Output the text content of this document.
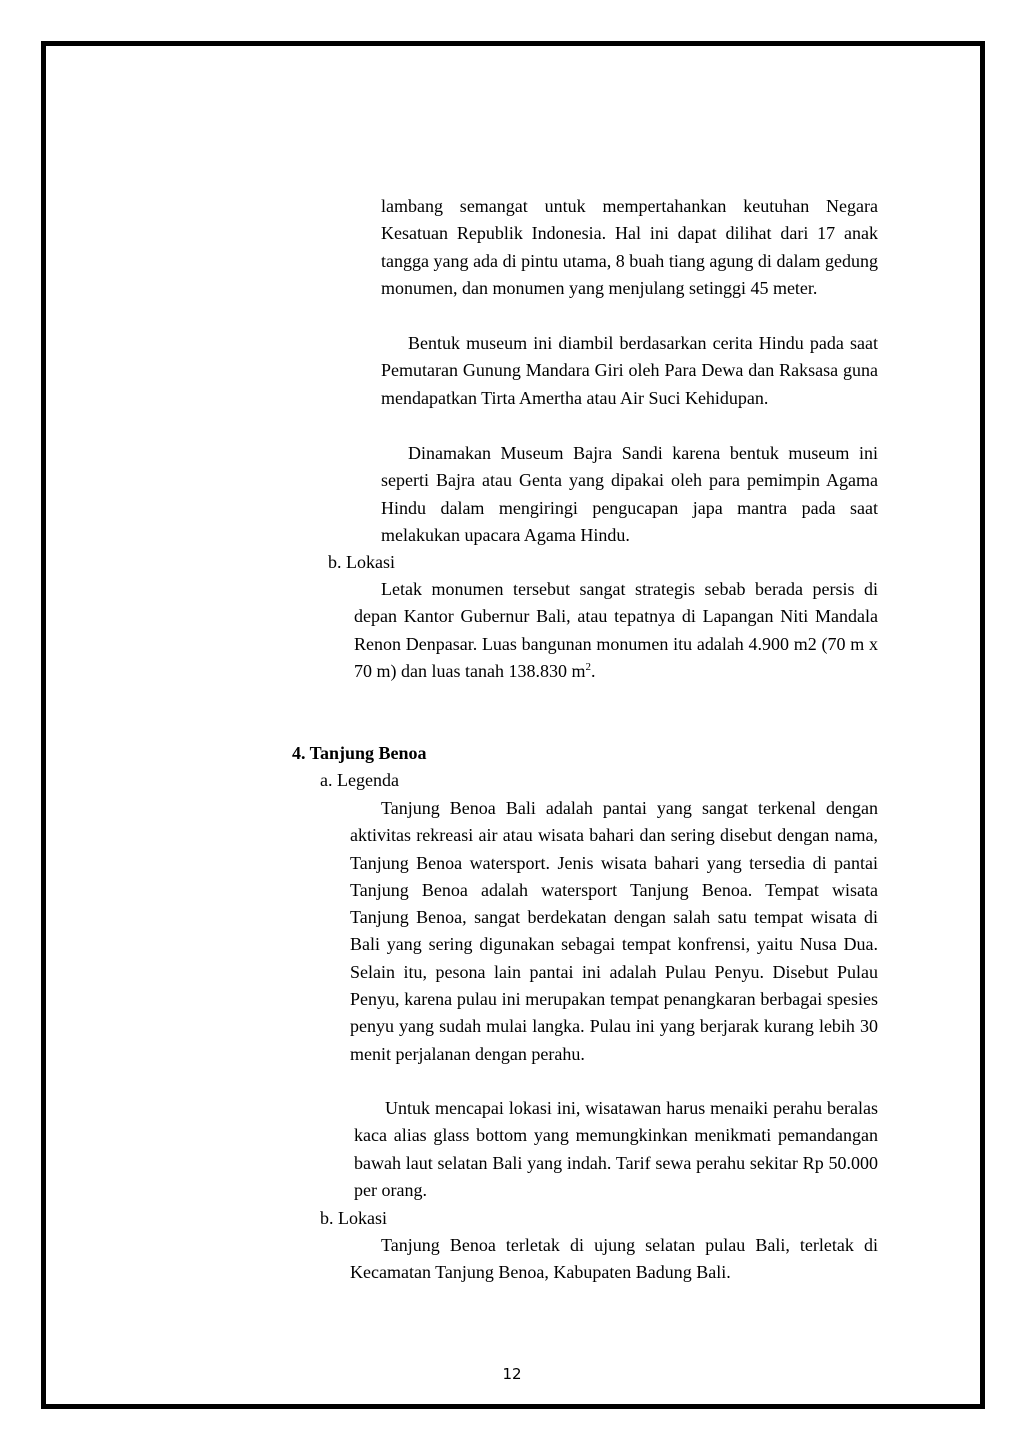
lambang semangat untuk mempertahankan keutuhan Negara Kesatuan Republik Indonesia. Hal ini dapat dilihat dari 17 anak tangga yang ada di pintu utama, 8 buah tiang agung di dalam gedung monumen, dan monumen yang menjulang setinggi 45 meter.

Bentuk museum ini diambil berdasarkan cerita Hindu pada saat Pemutaran Gunung Mandara Giri oleh Para Dewa dan Raksasa guna mendapatkan Tirta Amertha atau Air Suci Kehidupan.

Dinamakan Museum Bajra Sandi karena bentuk museum ini seperti Bajra atau Genta yang dipakai oleh para pemimpin Agama Hindu dalam mengiringi pengucapan japa mantra pada saat melakukan upacara Agama Hindu.

b. Lokasi

Letak monumen tersebut sangat strategis sebab berada persis di depan Kantor Gubernur Bali, atau tepatnya di Lapangan Niti Mandala Renon Denpasar. Luas bangunan monumen itu adalah 4.900 m2 (70 m x 70 m) dan luas tanah 138.830 $m^2$.

4. Tanjung Benoa

a. Legenda

Tanjung Benoa Bali adalah pantai yang sangat terkenal dengan aktivitas rekreasi air atau wisata bahari dan sering disebut dengan nama, Tanjung Benoa watersport. Jenis wisata bahari yang tersedia di pantai Tanjung Benoa adalah watersport Tanjung Benoa. Tempat wisata Tanjung Benoa, sangat berdekatan dengan salah satu tempat wisata di Bali yang sering digunakan sebagai tempat konfrensi, yaitu Nusa Dua. Selain itu, pesona lain pantai ini adalah Pulau Penyu. Disebut Pulau Penyu, karena pulau ini merupakan tempat penangkaran berbagai spesies penyu yang sudah mulai langka. Pulau ini yang berjarak kurang lebih 30 menit perjalanan dengan perahu.

Untuk mencapai lokasi ini, wisatawan harus menaiki perahu beralas kaca alias glass bottom yang memungkinkan menikmati pemandangan bawah laut selatan Bali yang indah. Tarif sewa perahu sekitar Rp 50.000 per orang.

b. Lokasi

Tanjung Benoa terletak di ujung selatan pulau Bali, terletak di Kecamatan Tanjung Benoa, Kabupaten Badung Bali.

12
